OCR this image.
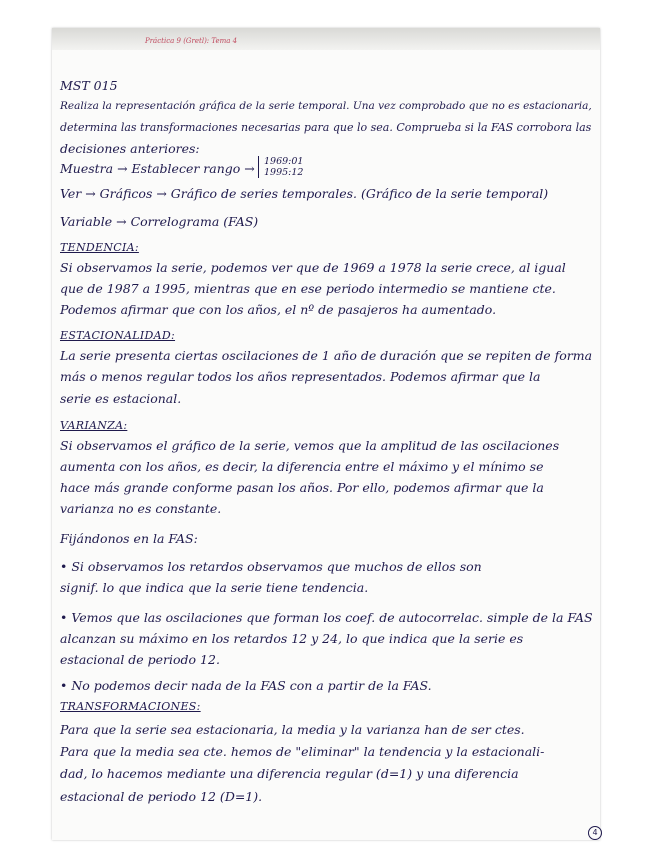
Práctica 9 (Gretl): Tema 4
MST 015
Realiza la representación gráfica de la serie temporal. Una vez comprobado que no es estacionaria,
determina las transformaciones necesarias para que lo sea. Comprueba si la FAS corrobora las
decisiones anteriores:
Muestra → Establecer rango → 1969:01
1995:12
Ver → Gráficos → Gráfico de series temporales. (Gráfico de la serie temporal)
Variable → Correlograma (FAS)
TENDENCIA:
Si observamos la serie, podemos ver que de 1969 a 1978 la serie crece, al igual
que de 1987 a 1995, mientras que en ese periodo intermedio se mantiene cte.
Podemos afirmar que con los años, el nº de pasajeros ha aumentado.
ESTACIONALIDAD:
La serie presenta ciertas oscilaciones de 1 año de duración que se repiten de forma
más o menos regular todos los años representados. Podemos afirmar que la
serie es estacional.
VARIANZA:
Si observamos el gráfico de la serie, vemos que la amplitud de las oscilaciones
aumenta con los años, es decir, la diferencia entre el máximo y el mínimo se
hace más grande conforme pasan los años. Por ello, podemos afirmar que la
varianza no es constante.
Fijándonos en la FAS:
• Si observamos los retardos observamos que muchos de ellos son
signif. lo que indica que la serie tiene tendencia.
• Vemos que las oscilaciones que forman los coef. de autocorrelac. simple de la FAS
alcanzan su máximo en los retardos 12 y 24, lo que indica que la serie es
estacional de periodo 12.
• No podemos decir nada de la FAS con a partir de la FAS.
TRANSFORMACIONES:
Para que la serie sea estacionaria, la media y la varianza han de ser ctes.
Para que la media sea cte. hemos de "eliminar" la tendencia y la estacionali-
dad, lo hacemos mediante una diferencia regular (d=1) y una diferencia
estacional de periodo 12 (D=1).
4
